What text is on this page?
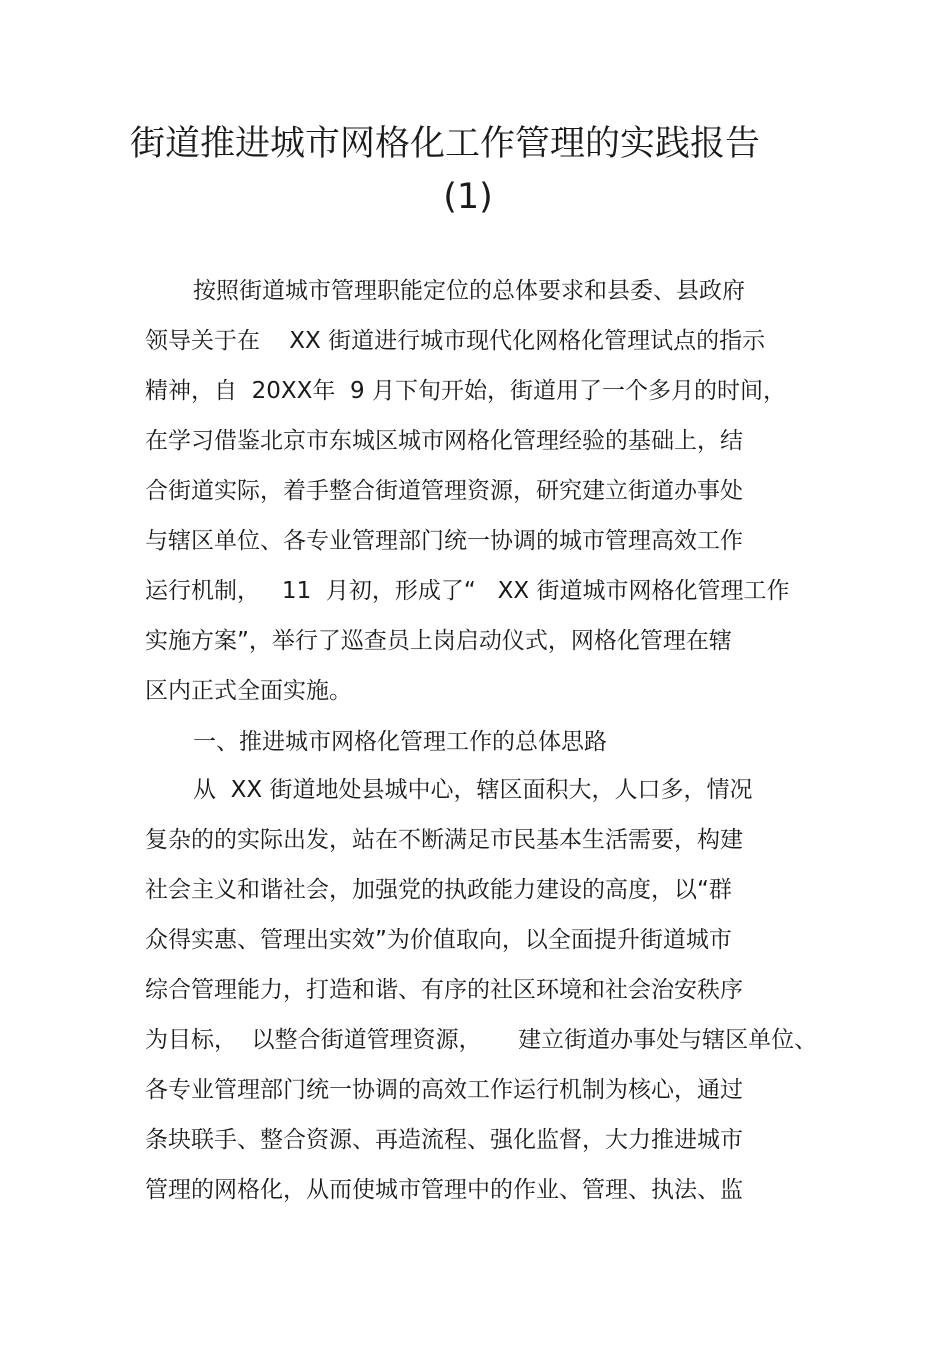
街道推进城市网格化工作管理的实践报告
(1)
按照街道城市管理职能定位的总体要求和县委、县政府
领导关于在    XX 街道进行城市现代化网格化管理试点的指示
精神，自  20XX年  9 月下旬开始，街道用了一个多月的时间，
在学习借鉴北京市东城区城市网格化管理经验的基础上，结
合街道实际，着手整合街道管理资源，研究建立街道办事处
与辖区单位、各专业管理部门统一协调的城市管理高效工作
运行机制，   11  月初，形成了“   XX 街道城市网格化管理工作
实施方案”，举行了巡查员上岗启动仪式，网格化管理在辖
区内正式全面实施。
一、推进城市网格化管理工作的总体思路
从  XX 街道地处县城中心，辖区面积大，人口多，情况
复杂的的实际出发，站在不断满足市民基本生活需要，构建
社会主义和谐社会，加强党的执政能力建设的高度，以“群
众得实惠、管理出实效”为价值取向，以全面提升街道城市
综合管理能力，打造和谐、有序的社区环境和社会治安秩序
为目标，  以整合街道管理资源，     建立街道办事处与辖区单位、
各专业管理部门统一协调的高效工作运行机制为核心，通过
条块联手、整合资源、再造流程、强化监督，大力推进城市
管理的网格化，从而使城市管理中的作业、管理、执法、监
